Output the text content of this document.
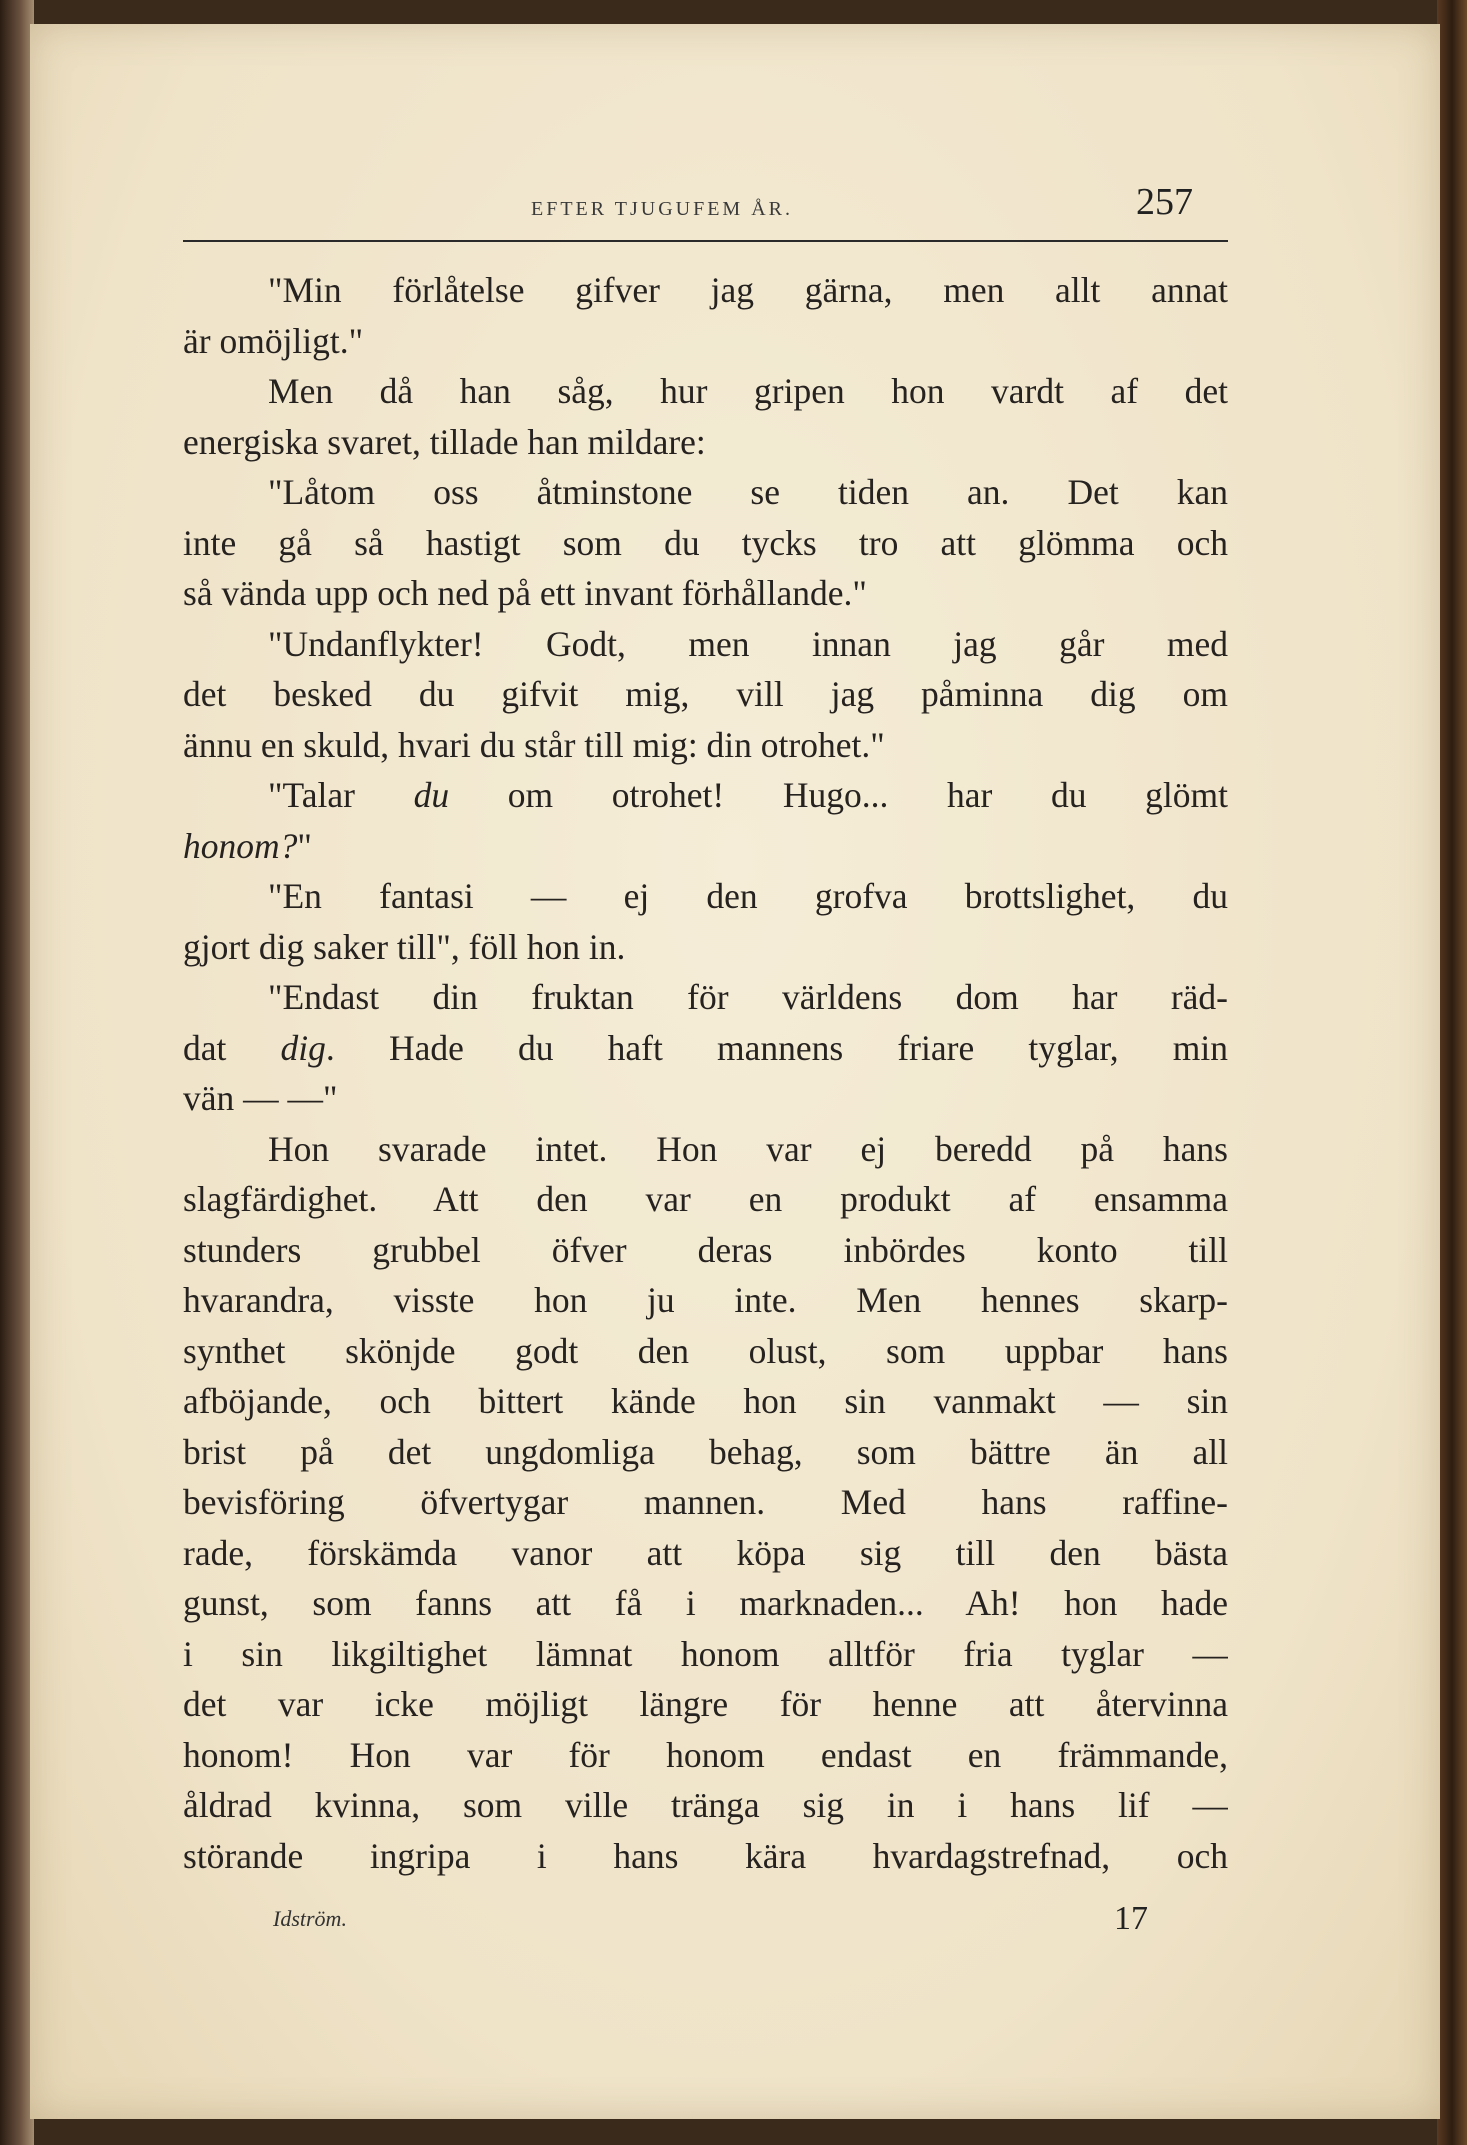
EFTER TJUGUFEM ÅR.	257
"Min förlåtelse gifver jag gärna, men allt annat
är omöjligt."
Men då han såg, hur gripen hon vardt af det
energiska svaret, tillade han mildare:
"Låtom oss åtminstone se tiden an. Det kan
inte gå så hastigt som du tycks tro att glömma och
så vända upp och ned på ett invant förhållande."
"Undanflykter! Godt, men innan jag går med
det besked du gifvit mig, vill jag påminna dig om
ännu en skuld, hvari du står till mig: din otrohet."
"Talar du om otrohet! Hugo... har du glömt
honom?"
"En fantasi — ej den grofva brottslighet, du
gjort dig saker till", föll hon in.
"Endast din fruktan för världens dom har räd-
dat dig. Hade du haft mannens friare tyglar, min
vän — —"
Hon svarade intet. Hon var ej beredd på hans
slagfärdighet. Att den var en produkt af ensamma
stunders grubbel öfver deras inbördes konto till
hvarandra, visste hon ju inte. Men hennes skarp-
synthet skönjde godt den olust, som uppbar hans
afböjande, och bittert kände hon sin vanmakt — sin
brist på det ungdomliga behag, som bättre än all
bevisföring öfvertygar mannen. Med hans raffine-
rade, förskämda vanor att köpa sig till den bästa
gunst, som fanns att få i marknaden... Ah! hon hade
i sin likgiltighet lämnat honom alltför fria tyglar —
det var icke möjligt längre för henne att återvinna
honom! Hon var för honom endast en främmande,
åldrad kvinna, som ville tränga sig in i hans lif —
störande ingripa i hans kära hvardagstrefnad, och
Idström.	17
